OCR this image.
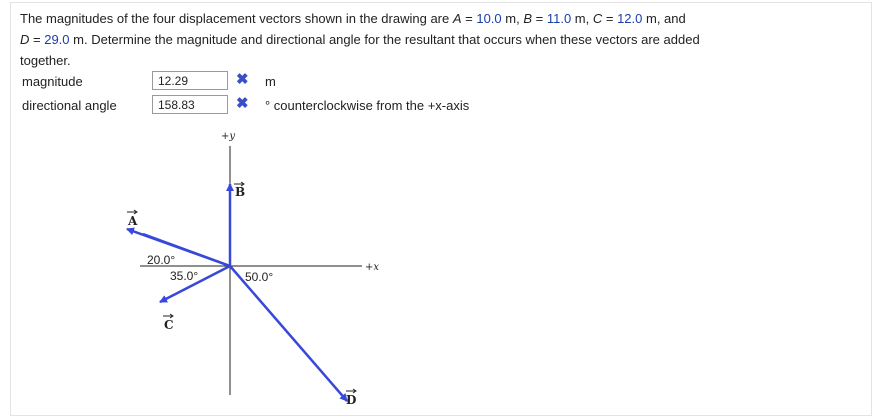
The magnitudes of the four displacement vectors shown in the drawing are A = 10.0 m, B = 11.0 m, C = 12.0 m, and
D = 29.0 m. Determine the magnitude and directional angle for the resultant that occurs when these vectors are added
together.
magnitude	12.29	✖ m
directional angle	158.83	✖ ° counterclockwise from the +x-axis
+y
+x
B
A
C
D
20.0°
35.0°	50.0°
